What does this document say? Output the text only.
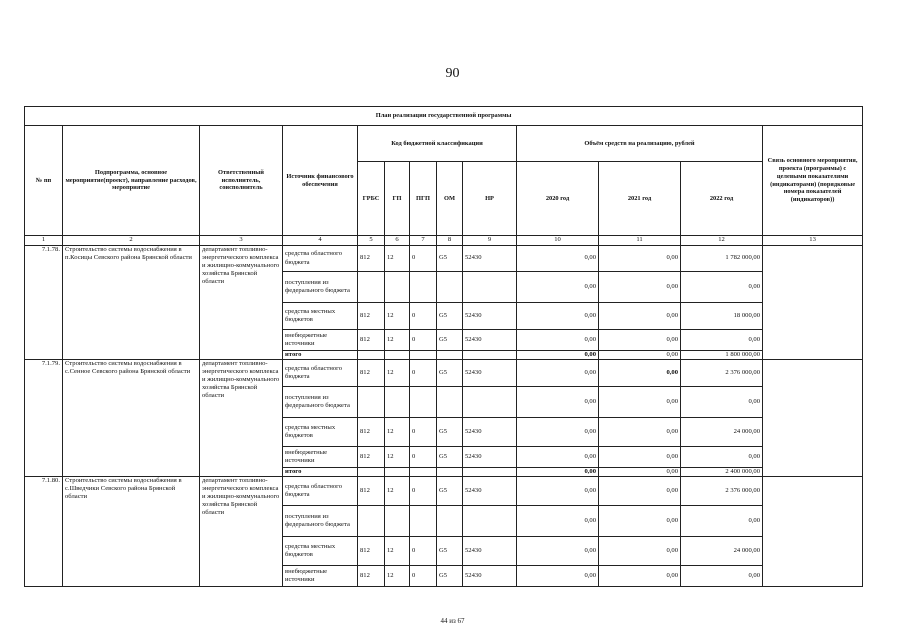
90
План реализации государственной программы												
№ пп	Подпрограмма, основное мероприятие(проект), направление расходов, мероприятие	Ответственный исполнитель, соисполнитель	Источник финансового обеспечения	Код бюджетной классификации					Объём средств на реализацию, рублей			Связь основного мероприятия, проекта (программы) с целевыми показателями (индикаторами) (порядковые номера показателей (индикаторов))
				ГРБС	ГП	ПГП	ОМ	НР	2020 год	2021 год	2022 год	
1	2	3	4	5	6	7	8	9	10	11	12	13
7.1.78.	Строительство системы водоснабжения в п.Косицы Севского района Брянской области	департамент топливно-энергетического комплекса и жилищно-коммунального хозяйства Брянской области	средства областного бюджета	812	12	0	G5	52430	0,00	0,00	1 782 000,00	
			поступления из федерального бюджета						0,00	0,00	0,00	
			средства местных бюджетов	812	12	0	G5	52430	0,00	0,00	18 000,00	
			внебюджетные источники	812	12	0	G5	52430	0,00	0,00	0,00	
			итого						0,00	0,00	1 800 000,00	
7.1.79.	Строительство системы водоснабжения в с.Сенное Севского района Брянской области	департамент топливно-энергетического комплекса и жилищно-коммунального хозяйства Брянской области	средства областного бюджета	812	12	0	G5	52430	0,00	0,00	2 376 000,00	
			поступления из федерального бюджета						0,00	0,00	0,00	
			средства местных бюджетов	812	12	0	G5	52430	0,00	0,00	24 000,00	
			внебюджетные источники	812	12	0	G5	52430	0,00	0,00	0,00	
			итого						0,00	0,00	2 400 000,00	
7.1.80.	Строительство системы водоснабжения в с.Шведчики Севского района Брянской области	департамент топливно-энергетического комплекса и жилищно-коммунального хозяйства Брянской области	средства областного бюджета	812	12	0	G5	52430	0,00	0,00	2 376 000,00	
			поступления из федерального бюджета						0,00	0,00	0,00	
			средства местных бюджетов	812	12	0	G5	52430	0,00	0,00	24 000,00	
			внебюджетные источники	812	12	0	G5	52430	0,00	0,00	0,00	
44 из 67
